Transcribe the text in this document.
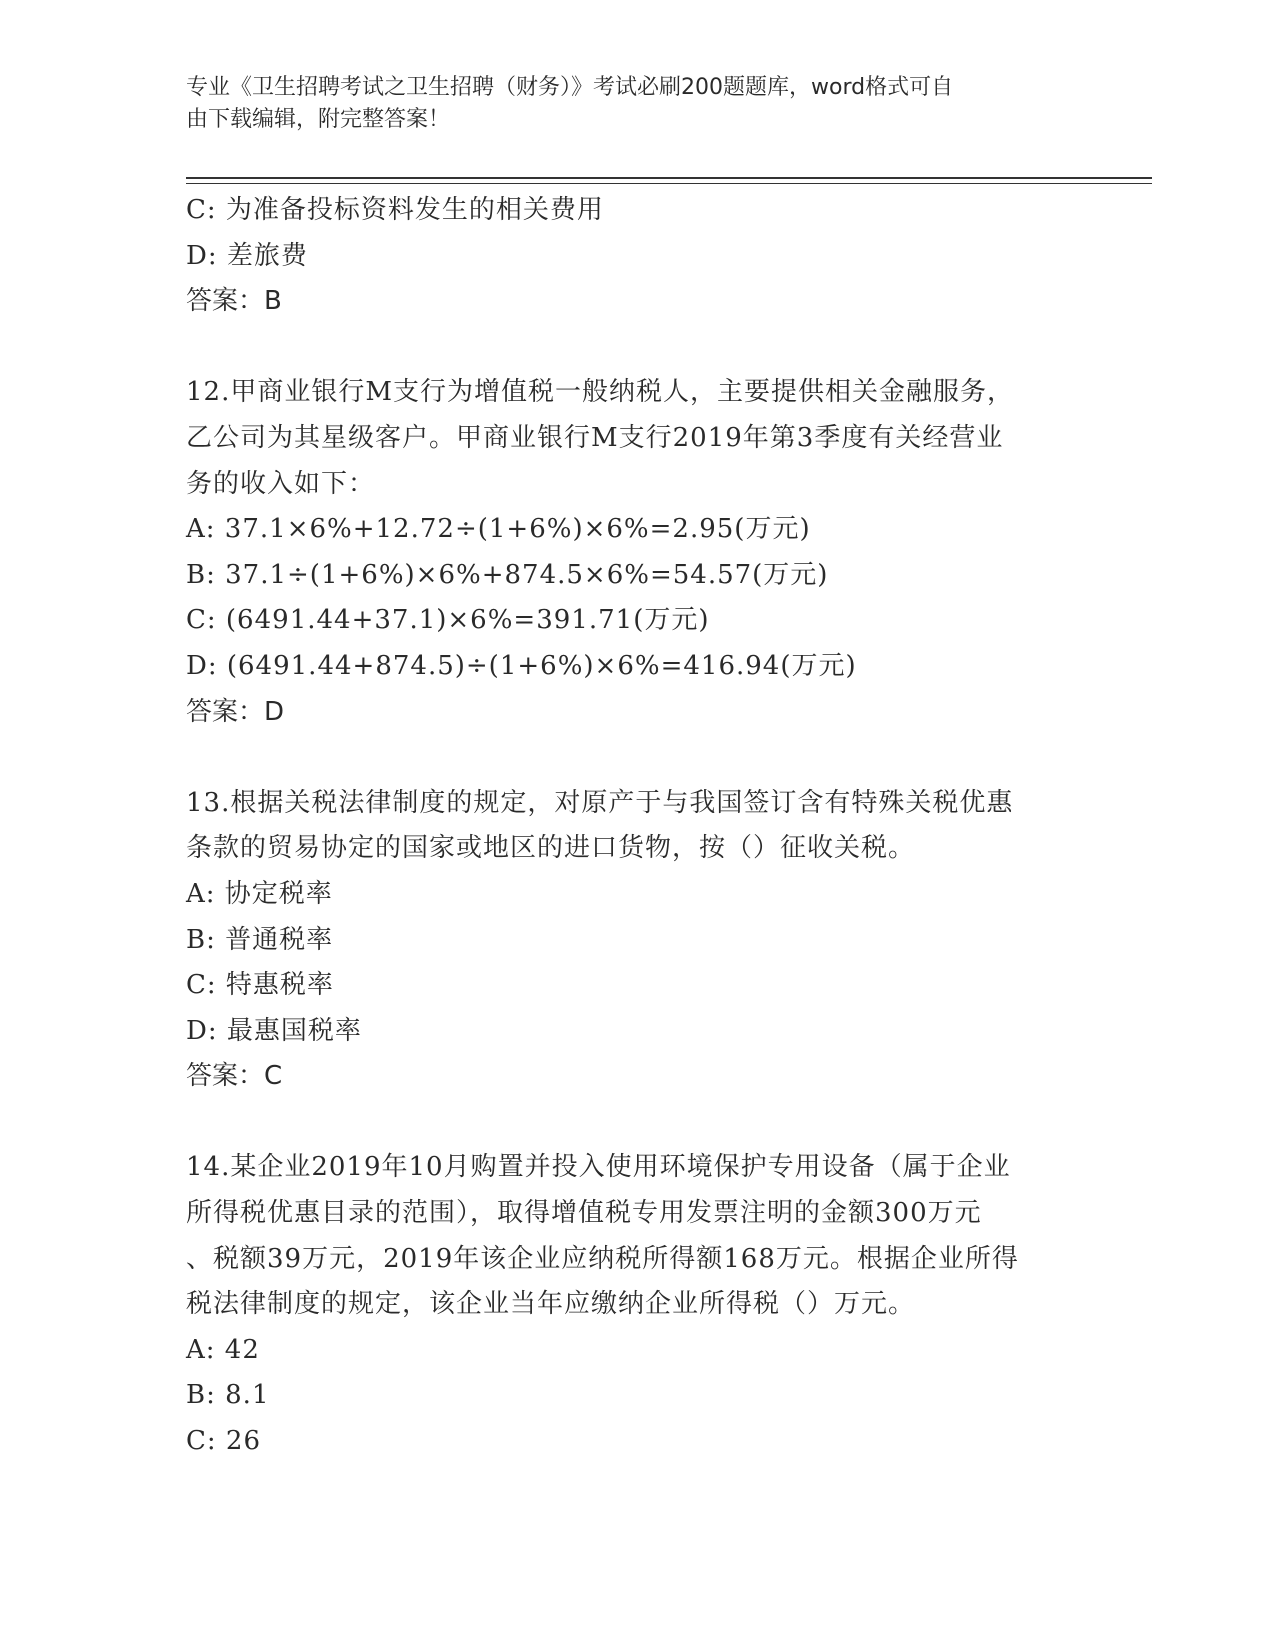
专业《卫生招聘考试之卫生招聘（财务）》考试必刷200题题库，word格式可自
由下载编辑，附完整答案！
C: 为准备投标资料发生的相关费用
D: 差旅费
答案：B
12.甲商业银行M支行为增值税一般纳税人，主要提供相关金融服务，
乙公司为其星级客户。甲商业银行M支行2019年第3季度有关经营业
务的收入如下：
A: 37.1×6%+12.72÷(1+6%)×6%=2.95(万元)
B: 37.1÷(1+6%)×6%+874.5×6%=54.57(万元)
C: (6491.44+37.1)×6%=391.71(万元)
D: (6491.44+874.5)÷(1+6%)×6%=416.94(万元)
答案：D
13.根据关税法律制度的规定，对原产于与我国签订含有特殊关税优惠
条款的贸易协定的国家或地区的进口货物，按（）征收关税。
A: 协定税率
B: 普通税率
C: 特惠税率
D: 最惠国税率
答案：C
14.某企业2019年10月购置并投入使用环境保护专用设备（属于企业
所得税优惠目录的范围），取得增值税专用发票注明的金额300万元
、税额39万元，2019年该企业应纳税所得额168万元。根据企业所得
税法律制度的规定，该企业当年应缴纳企业所得税（）万元。
A: 42
B: 8.1
C: 26
